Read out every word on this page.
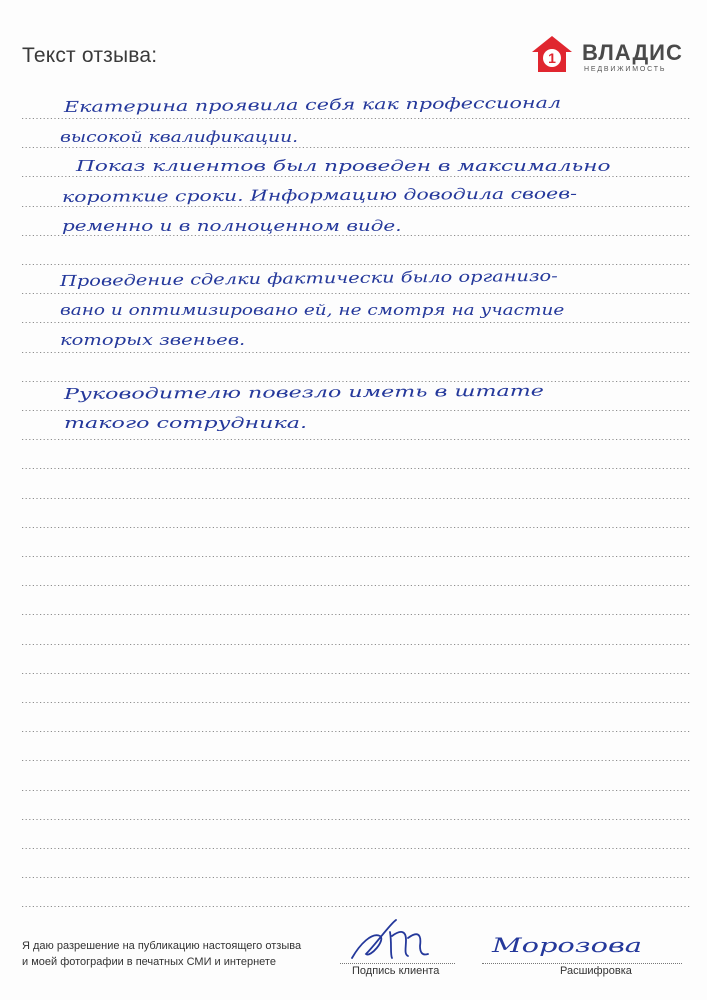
Текст отзыва:	1 ВЛАДИС
НЕДВИЖИМОСТЬ
Екатерина проявила себя как профессионал
высокой квалификации.
Показ клиентов был проведен в максимально
короткие сроки. Информацию доводила своев-
ременно и в полноценном виде.
Проведение сделки фактически было организо-
вано и оптимизировано ей, не смотря на участие
которых звеньев.
Руководителю повезло иметь в штате
такого сотрудника.
Я даю разрешение на публикацию настоящего отзыва
и моей фотографии в печатных СМИ и интернете
Морозова
Подпись клиента	Расшифровка
